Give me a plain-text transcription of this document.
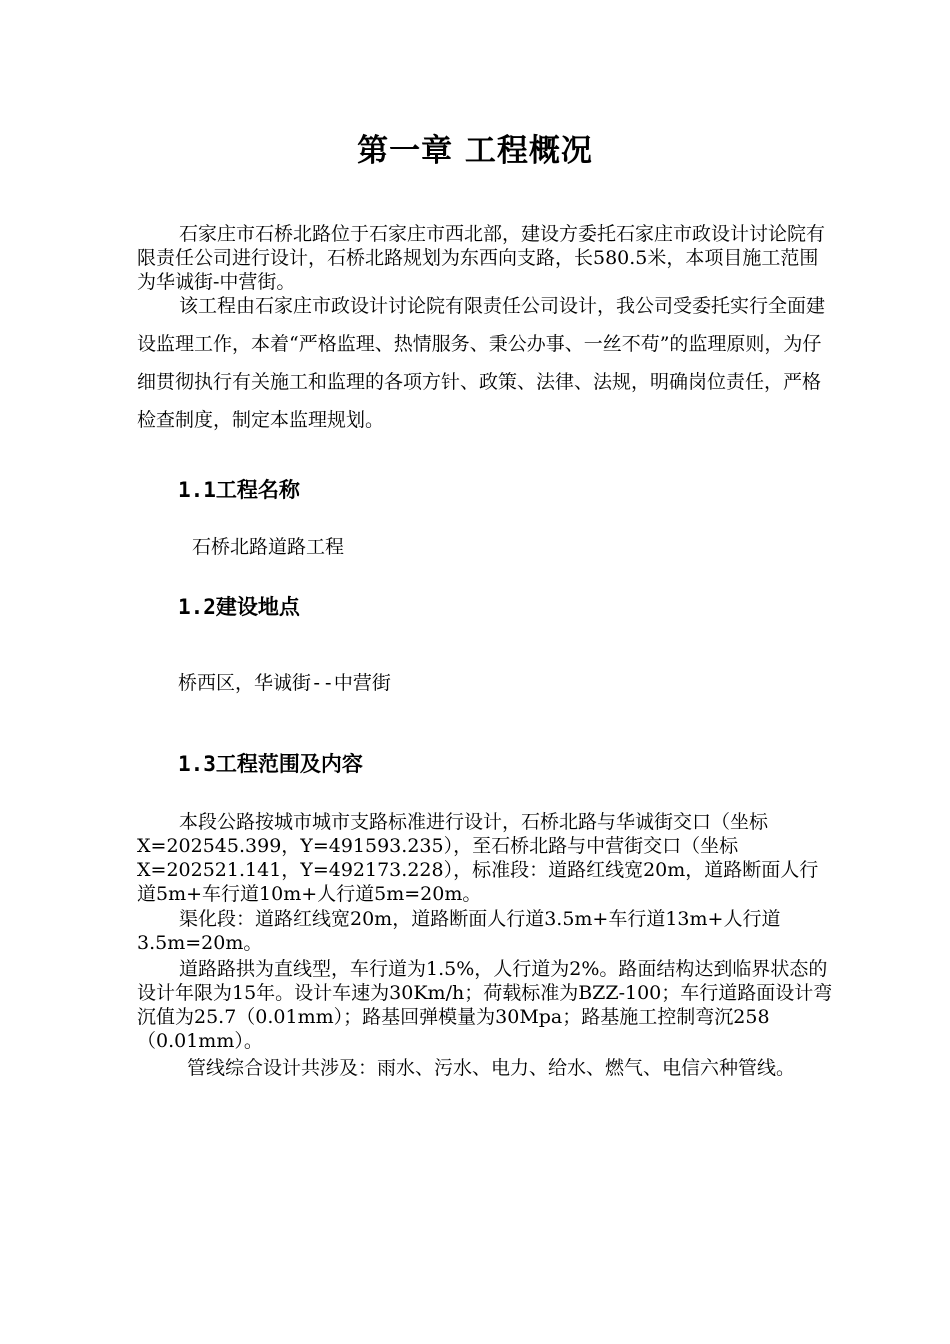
第一章 工程概况

石家庄市石桥北路位于石家庄市西北部，建设方委托石家庄市政设计讨论院有限责任公司进行设计，石桥北路规划为东西向支路，长580.5米，本项目施工范围为华诚街-中营街。

该工程由石家庄市政设计讨论院有限责任公司设计，我公司受委托实行全面建设监理工作，本着“严格监理、热情服务、秉公办事、一丝不苟”的监理原则，为仔细贯彻执行有关施工和监理的各项方针、政策、法律、法规，明确岗位责任，严格检查制度，制定本监理规划。

1.1工程名称

石桥北路道路工程

1.2建设地点

桥西区，华诚街--中营街

1.3工程范围及内容

本段公路按城市城市支路标准进行设计，石桥北路与华诚街交口（坐标X=202545.399，Y=491593.235），至石桥北路与中营街交口（坐标X=202521.141，Y=492173.228），标准段：道路红线宽20m，道路断面人行道5m+车行道10m+人行道5m=20m。

渠化段：道路红线宽20m，道路断面人行道3.5m+车行道13m+人行道3.5m=20m。

道路路拱为直线型，车行道为1.5%，人行道为2%。路面结构达到临界状态的设计年限为15年。设计车速为30Km/h；荷载标准为BZZ-100；车行道路面设计弯沉值为25.7（0.01mm）；路基回弹模量为30Mpa；路基施工控制弯沉258（0.01mm）。

管线综合设计共涉及：雨水、污水、电力、给水、燃气、电信六种管线。
